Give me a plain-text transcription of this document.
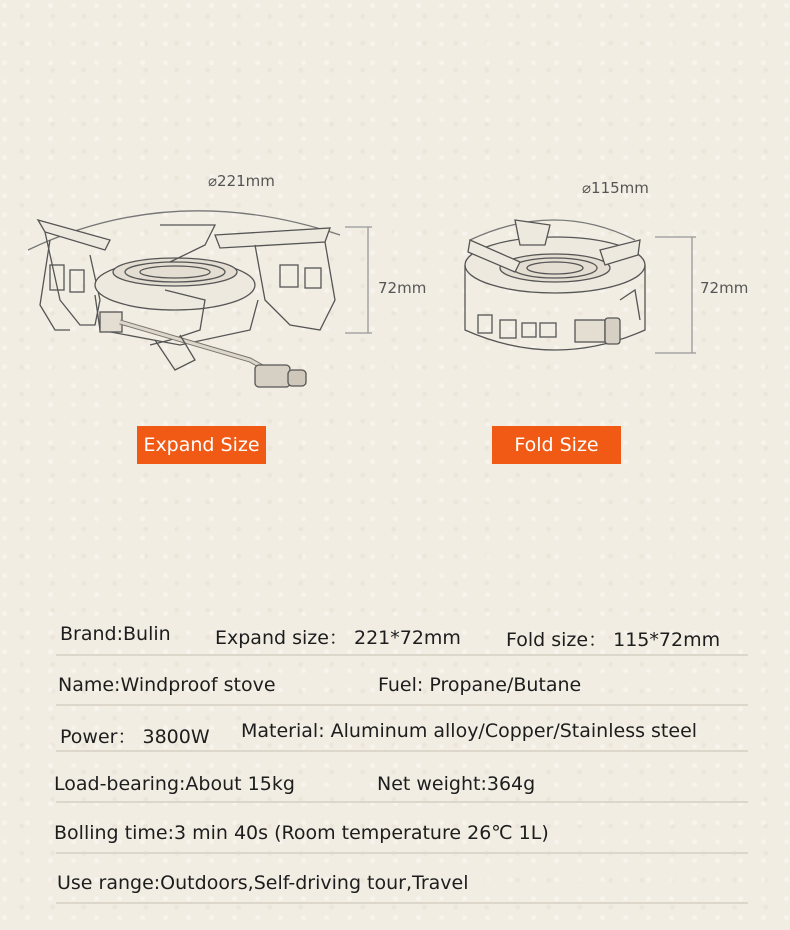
⌀221mm
72mm
⌀115mm
72mm
Expand Size	Fold Size
Brand:Bulin Expand size： 221*72mm Fold size： 115*72mm
Name:Windproof stove	Fuel: Propane/Butane
Power： 3800W Material: Aluminum alloy/Copper/Stainless steel
Load-bearing:About 15kg	Net weight:364g
Bolling time:3 min 40s (Room temperature 26℃ 1L)
Use range:Outdoors,Self-driving tour,Travel
